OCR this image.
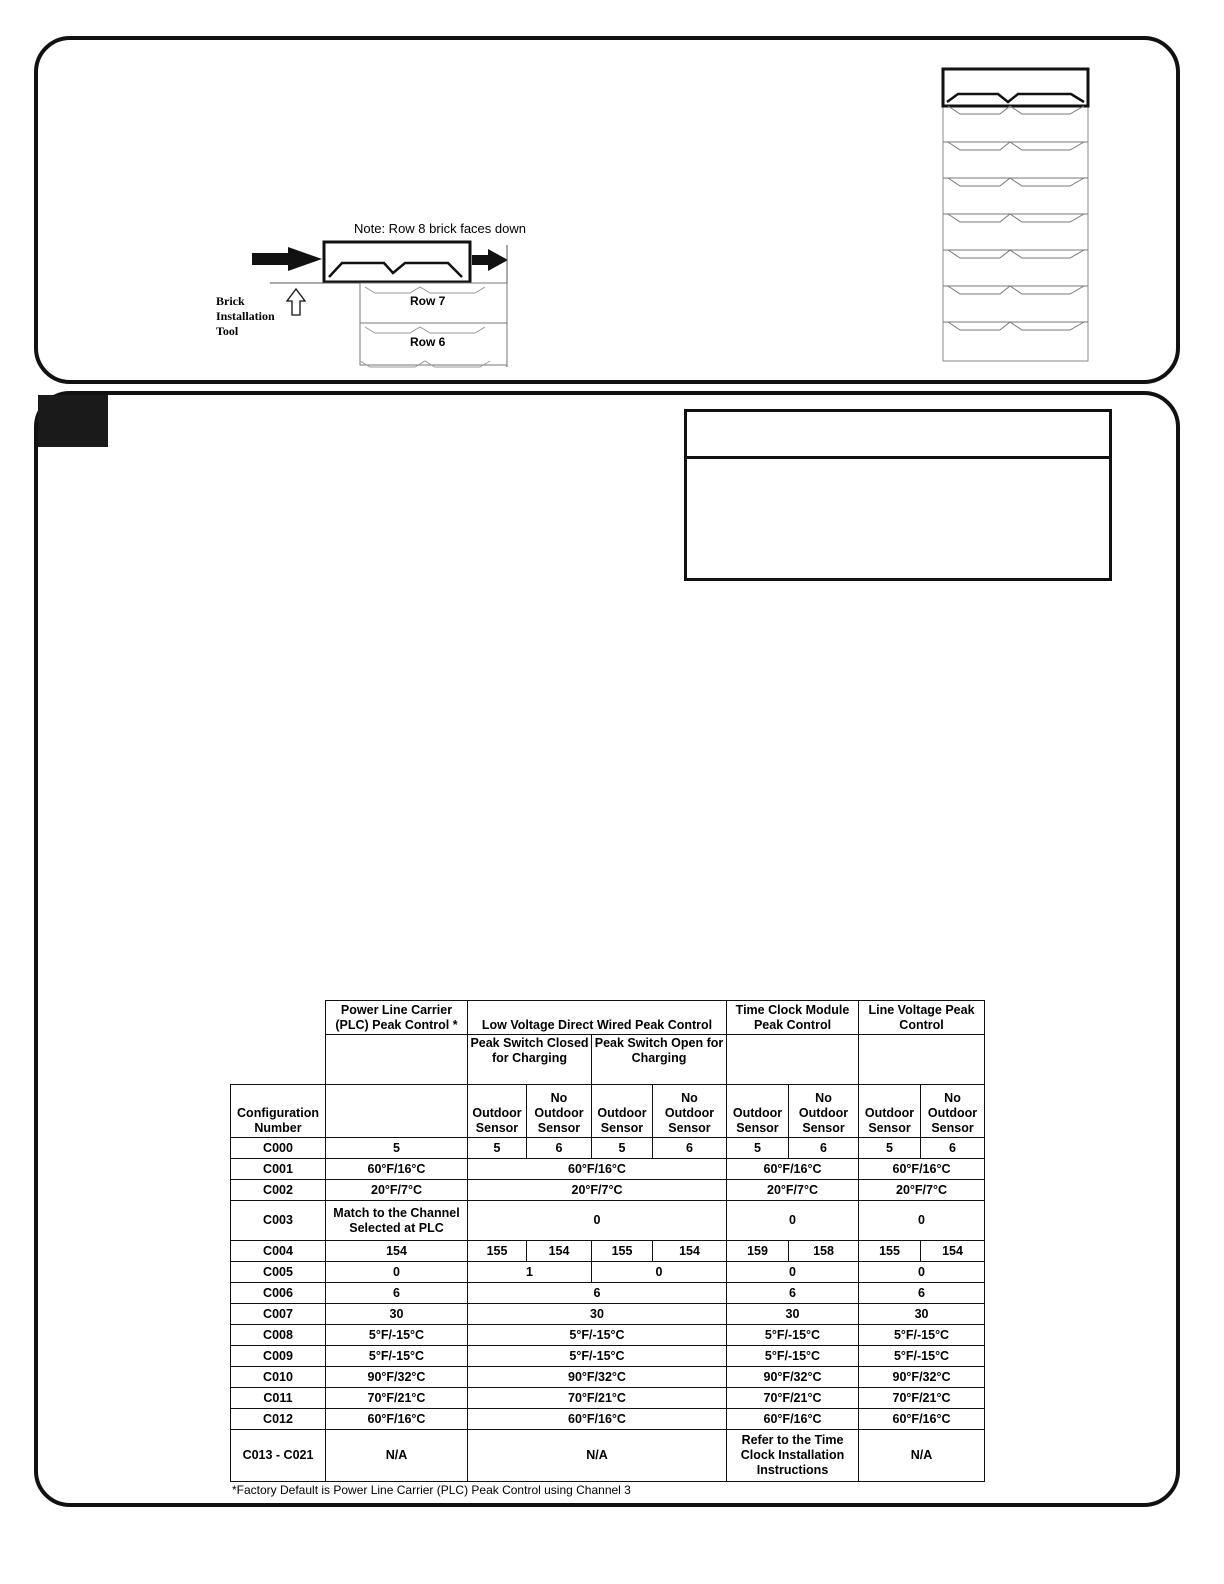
Note: Row 8 brick faces down
Row 7
Row 6
Brick
Installation
Tool
	Power Line Carrier (PLC) Peak Control *	Low Voltage Direct Wired Peak Control				Time Clock Module Peak Control		Line Voltage Peak Control	
		Peak Switch Closed for Charging		Peak Switch Open for Charging					
Configuration Number		Outdoor Sensor	No Outdoor Sensor	Outdoor Sensor	No Outdoor Sensor	Outdoor Sensor	No Outdoor Sensor	Outdoor Sensor	No Outdoor Sensor
C000	5	5	6	5	6	5	6	5	6
C001	60°F/16°C	60°F/16°C				60°F/16°C		60°F/16°C	
C002	20°F/7°C	20°F/7°C				20°F/7°C		20°F/7°C	
C003	Match to the Channel Selected at PLC	0				0		0	
C004	154	155	154	155	154	159	158	155	154
C005	0	1		0		0		0	
C006	6	6				6		6	
C007	30	30				30		30	
C008	5°F/-15°C	5°F/-15°C				5°F/-15°C		5°F/-15°C	
C009	5°F/-15°C	5°F/-15°C				5°F/-15°C		5°F/-15°C	
C010	90°F/32°C	90°F/32°C				90°F/32°C		90°F/32°C	
C011	70°F/21°C	70°F/21°C				70°F/21°C		70°F/21°C	
C012	60°F/16°C	60°F/16°C				60°F/16°C		60°F/16°C	
C013 - C021	N/A	N/A				Refer to the Time Clock Installation Instructions		N/A	
*Factory Default is Power Line Carrier (PLC) Peak Control using Channel 3
